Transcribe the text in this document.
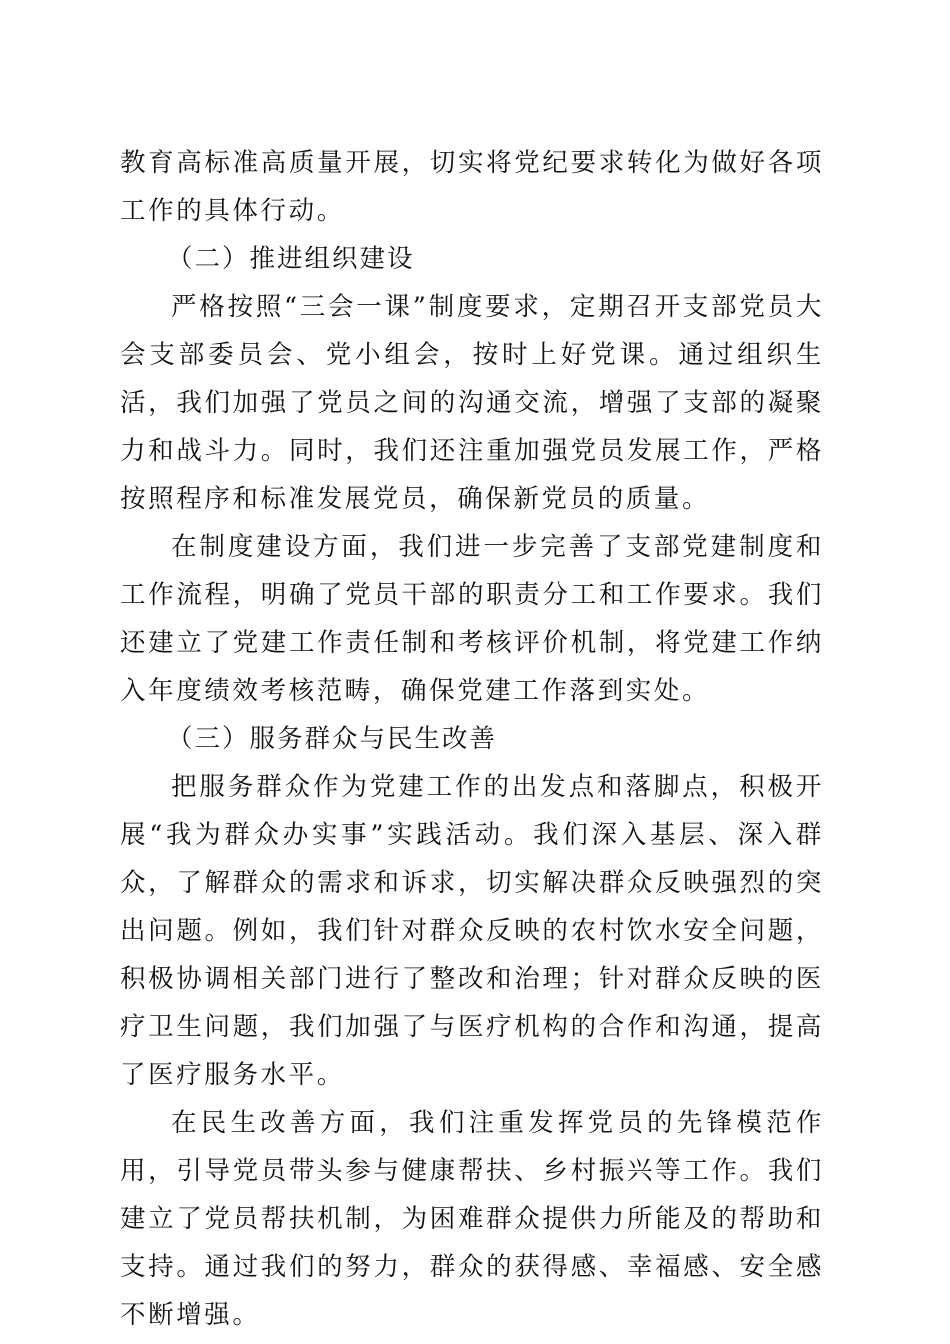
教育高标准高质量开展，切实将党纪要求转化为做好各项工作的具体行动。

（二）推进组织建设

严格按照“三会一课”制度要求，定期召开支部党员大会支部委员会、党小组会，按时上好党课。通过组织生活，我们加强了党员之间的沟通交流，增强了支部的凝聚力和战斗力。同时，我们还注重加强党员发展工作，严格按照程序和标准发展党员，确保新党员的质量。

在制度建设方面，我们进一步完善了支部党建制度和工作流程，明确了党员干部的职责分工和工作要求。我们还建立了党建工作责任制和考核评价机制，将党建工作纳入年度绩效考核范畴，确保党建工作落到实处。

（三）服务群众与民生改善

把服务群众作为党建工作的出发点和落脚点，积极开展“我为群众办实事”实践活动。我们深入基层、深入群众，了解群众的需求和诉求，切实解决群众反映强烈的突出问题。例如，我们针对群众反映的农村饮水安全问题，积极协调相关部门进行了整改和治理；针对群众反映的医疗卫生问题，我们加强了与医疗机构的合作和沟通，提高了医疗服务水平。

在民生改善方面，我们注重发挥党员的先锋模范作用，引导党员带头参与健康帮扶、乡村振兴等工作。我们建立了党员帮扶机制，为困难群众提供力所能及的帮助和支持。通过我们的努力，群众的获得感、幸福感、安全感不断增强。
